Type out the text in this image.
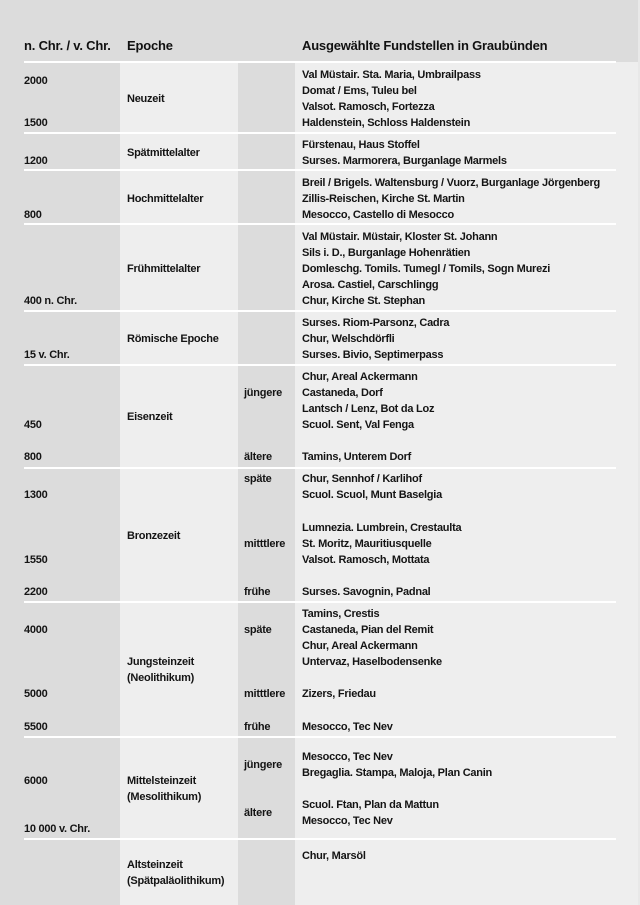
n. Chr. / v. Chr. Epoche	Ausgewählte Fundstellen in Graubünden
2000
1500
Neuzeit
Val Müstair. Sta. Maria, Umbrailpass
Domat / Ems, Tuleu bel
Valsot. Ramosch, Fortezza
Haldenstein, Schloss Haldenstein
1200
Spätmittelalter
Fürstenau, Haus Stoffel
Surses. Marmorera, Burganlage Marmels
800
Hochmittelalter
Breil / Brigels. Waltensburg / Vuorz, Burganlage Jörgenberg
Zillis-Reischen, Kirche St. Martin
Mesocco, Castello di Mesocco
400 n. Chr.
Frühmittelalter
Val Müstair. Müstair, Kloster St. Johann
Sils i. D., Burganlage Hohenrätien
Domleschg. Tomils. Tumegl / Tomils, Sogn Murezi
Arosa. Castiel, Carschlingg
Chur, Kirche St. Stephan
15 v. Chr.
Römische Epoche
Surses. Riom-Parsonz, Cadra
Chur, Welschdörfli
Surses. Bivio, Septimerpass
450
800
Eisenzeit
jüngere
ältere
Chur, Areal Ackermann
Castaneda, Dorf
Lantsch / Lenz, Bot da Loz
Scuol. Sent, Val Fenga
Tamins, Unterem Dorf
1300
1550
2200
Bronzezeit
späte
mitttlere
frühe
Chur, Sennhof / Karlihof
Scuol. Scuol, Munt Baselgia
Lumnezia. Lumbrein, Crestaulta
St. Moritz, Mauritiusquelle
Valsot. Ramosch, Mottata
Surses. Savognin, Padnal
4000
5000
5500
Jungsteinzeit
(Neolithikum)
späte
mitttlere
frühe
Tamins, Crestis
Castaneda, Pian del Remit
Chur, Areal Ackermann
Untervaz, Haselbodensenke
Zizers, Friedau
Mesocco, Tec Nev
6000
10 000 v. Chr.
Mittelsteinzeit
(Mesolithikum)
jüngere
ältere
Mesocco, Tec Nev
Bregaglia. Stampa, Maloja, Plan Canin
Scuol. Ftan, Plan da Mattun
Mesocco, Tec Nev
Altsteinzeit
(Spätpaläolithikum)
Chur, Marsöl
